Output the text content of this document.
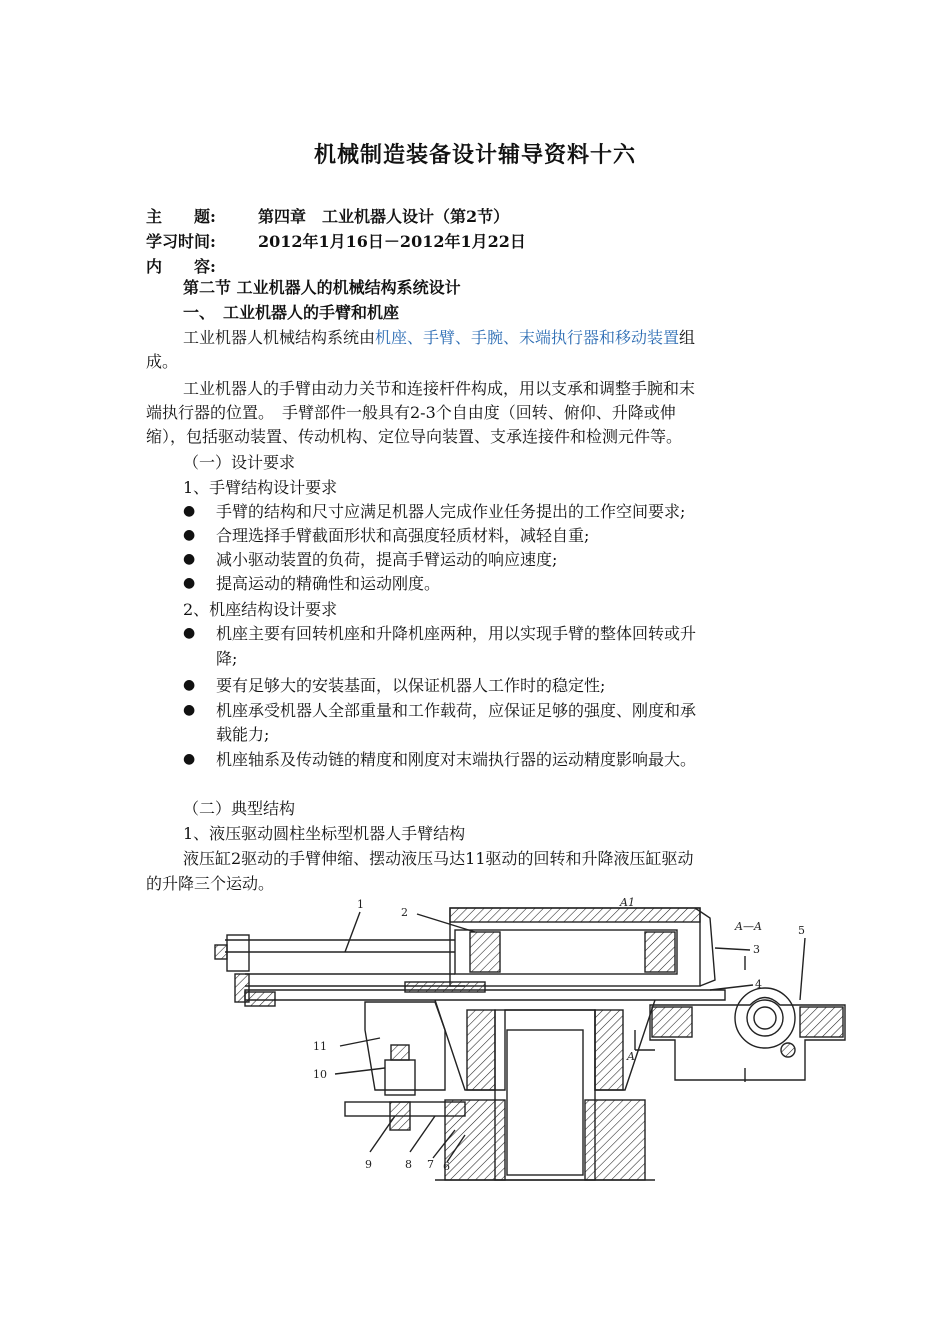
机械制造装备设计辅导资料十六
主　　题:	第四章　工业机器人设计（第2节）
学习时间:	2012年1月16日－2012年1月22日
内　　容:
第二节 工业机器人的机械结构系统设计
一、　工业机器人的手臂和机座
工业机器人机械结构系统由机座、手臂、手腕、末端执行器和移动装置组
成。
工业机器人的手臂由动力关节和连接杆件构成，用以支承和调整手腕和末
端执行器的位置。　手臂部件一般具有2-3个自由度（回转、俯仰、升降或伸
缩），包括驱动装置、传动机构、定位导向装置、支承连接件和检测元件等。
（一）设计要求
1、手臂结构设计要求
● 手臂的结构和尺寸应满足机器人完成作业任务提出的工作空间要求;
● 合理选择手臂截面形状和高强度轻质材料，减轻自重;
● 减小驱动装置的负荷，提高手臂运动的响应速度;
● 提高运动的精确性和运动刚度。
2、机座结构设计要求
● 机座主要有回转机座和升降机座两种，用以实现手臂的整体回转或升
降;
● 要有足够大的安装基面，以保证机器人工作时的稳定性;
● 机座承受机器人全部重量和工作载荷，应保证足够的强度、刚度和承
载能力;
● 机座轴系及传动链的精度和刚度对末端执行器的运动精度影响最大。
（二）典型结构
1、液压驱动圆柱坐标型机器人手臂结构
液压缸2驱动的手臂伸缩、摆动液压马达11驱动的回转和升降液压缸驱动
的升降三个运动。
1
2
3
4
5
6
7
8
9
10
11
A1
A
A—A
